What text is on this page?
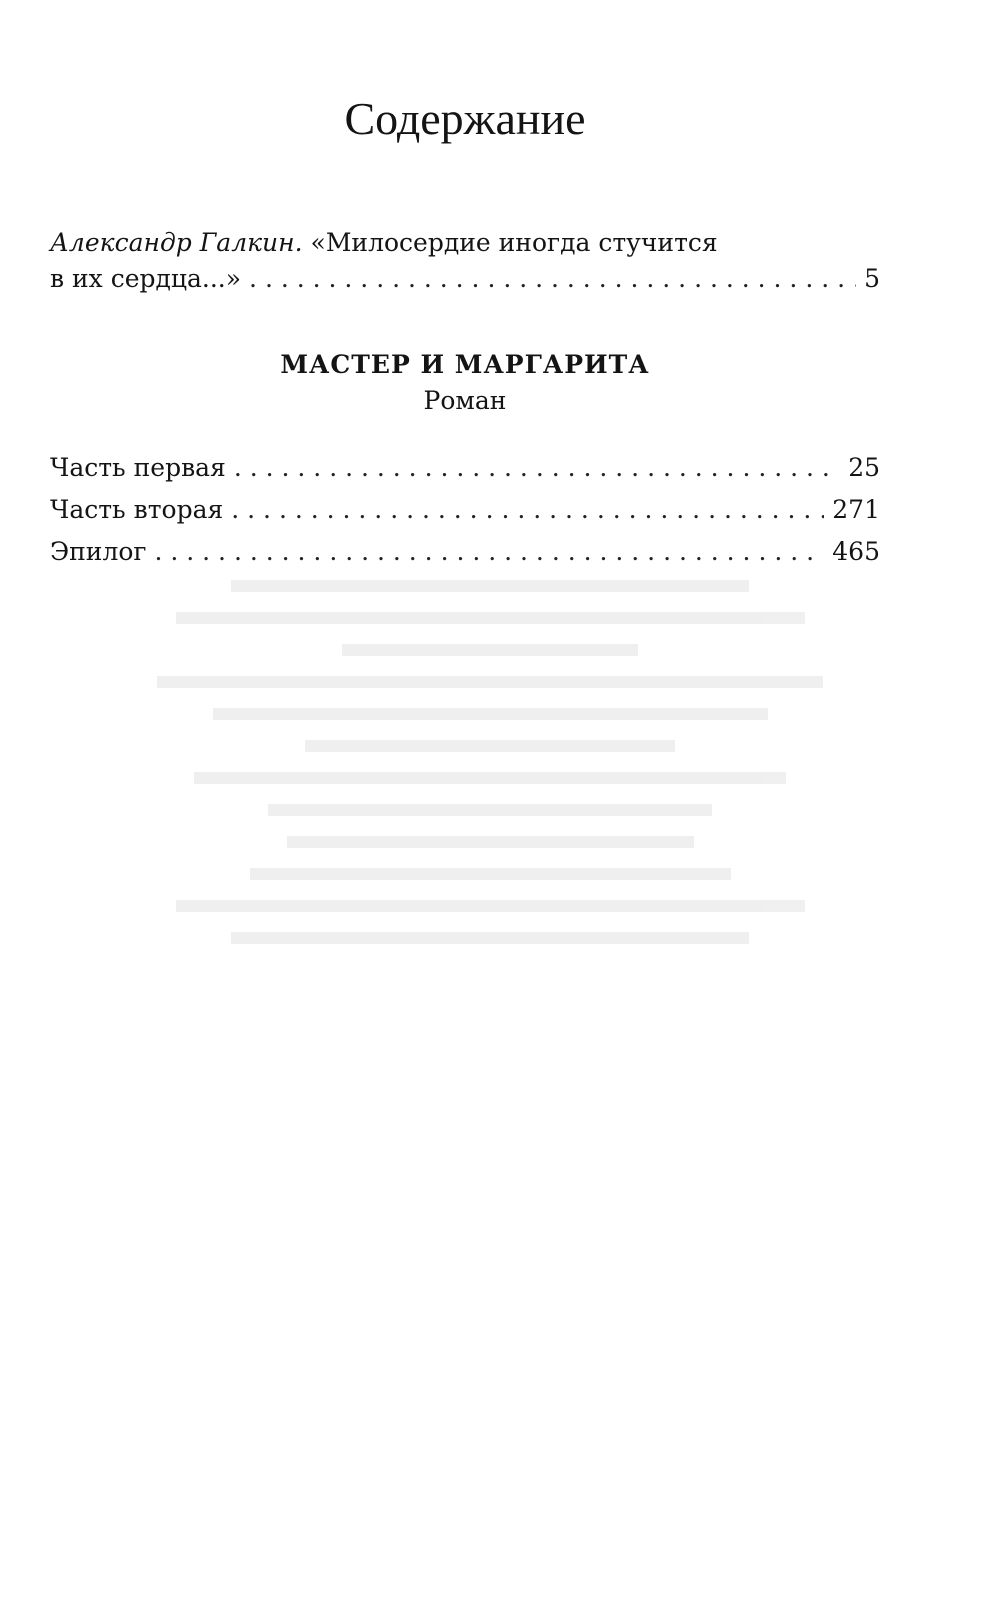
Содержание
Александр Галкин. «Милосердие иногда стучится
в их сердца...» . . .	5
МАСТЕР И МАРГАРИТА
Роман
Часть первая . . .	25
Часть вторая . . .	271
Эпилог . . .	465
